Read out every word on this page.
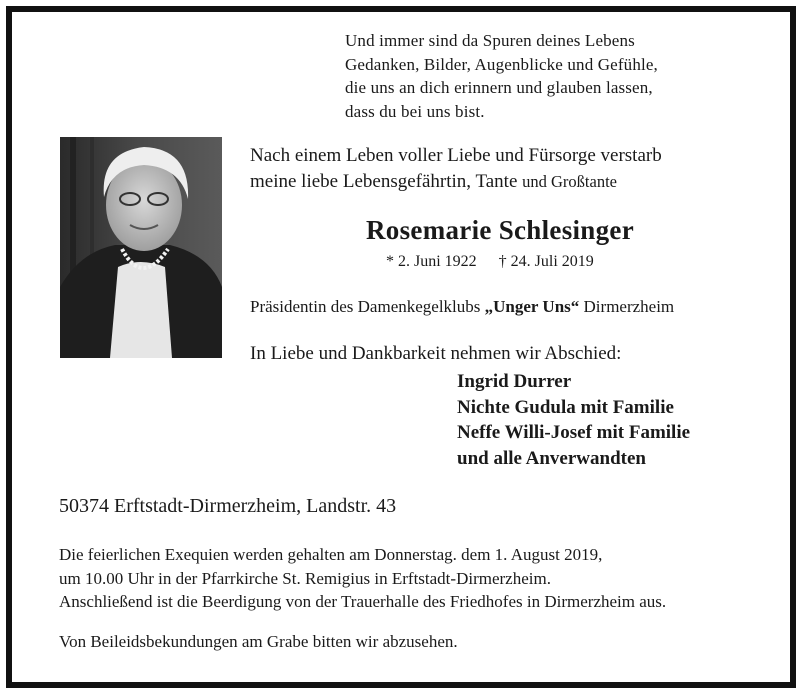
Und immer sind da Spuren deines Lebens
Gedanken, Bilder, Augenblicke und Gefühle,
die uns an dich erinnern und glauben lassen,
dass du bei uns bist.
Nach einem Leben voller Liebe und Fürsorge verstarb
meine liebe Lebensgefährtin, Tante und Großtante
Rosemarie Schlesinger
* 2. Juni 1922 † 24. Juli 2019
Präsidentin des Damenkegelklubs „Unger Uns“ Dirmerzheim
In Liebe und Dankbarkeit nehmen wir Abschied:
Ingrid Durrer
Nichte Gudula mit Familie
Neffe Willi-Josef mit Familie
und alle Anverwandten
50374 Erftstadt-Dirmerzheim, Landstr. 43
Die feierlichen Exequien werden gehalten am Donnerstag. dem 1. August 2019,
um 10.00 Uhr in der Pfarrkirche St. Remigius in Erftstadt-Dirmerzheim.
Anschließend ist die Beerdigung von der Trauerhalle des Friedhofes in Dirmerzheim aus.
Von Beileidsbekundungen am Grabe bitten wir abzusehen.
